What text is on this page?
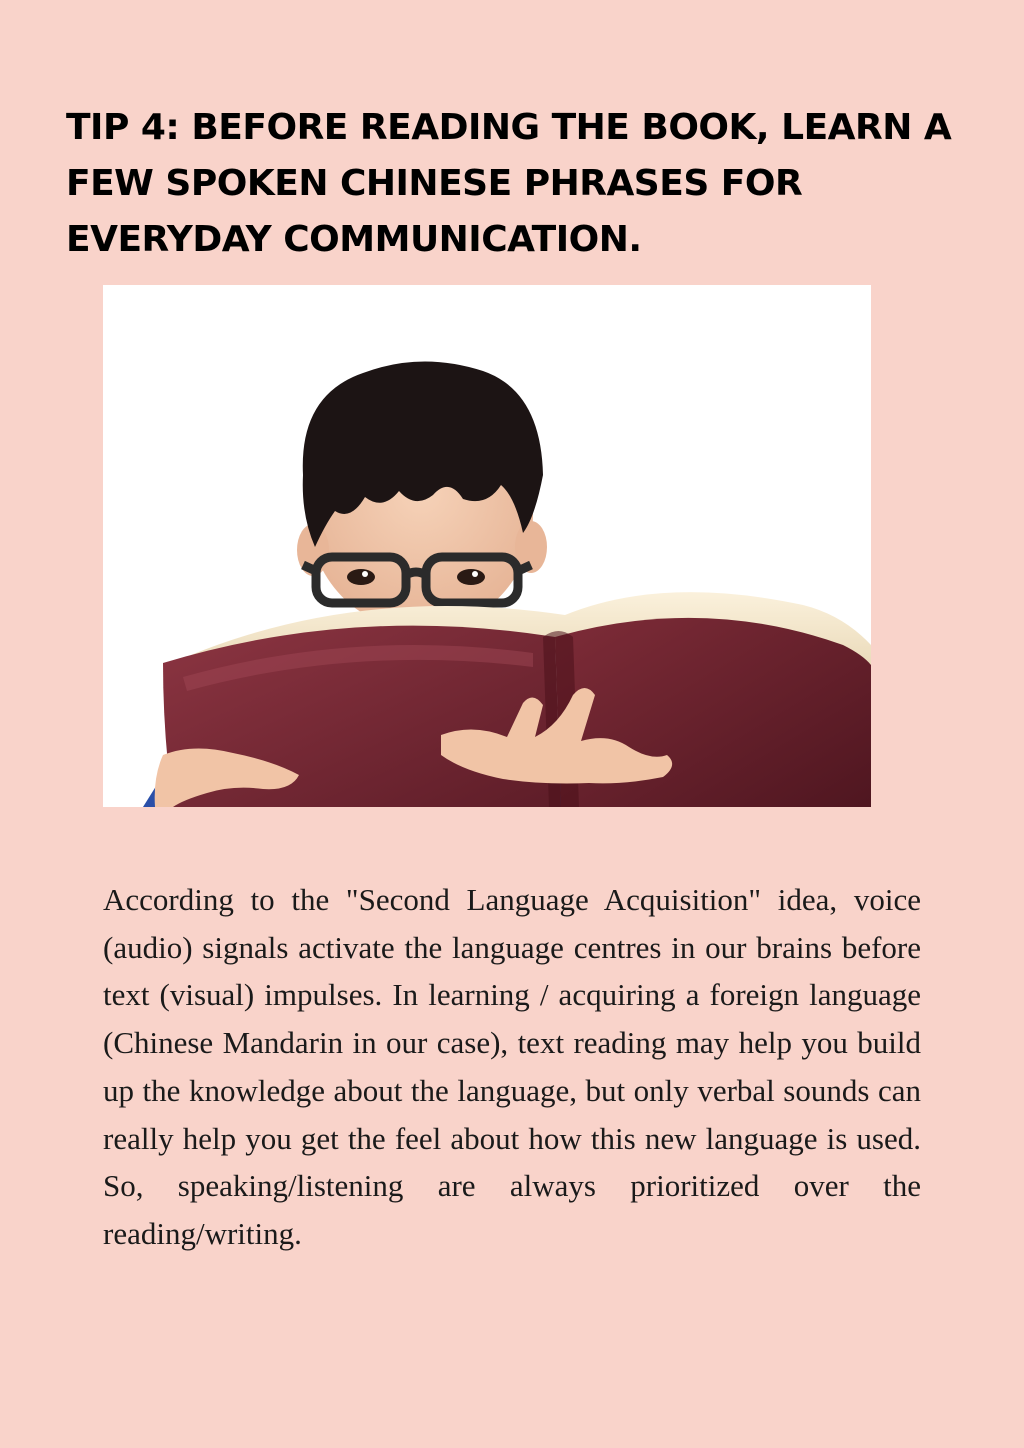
TIP 4: BEFORE READING THE BOOK, LEARN A FEW SPOKEN CHINESE PHRASES FOR EVERYDAY COMMUNICATION.

According to the "Second Language Acquisition" idea, voice (audio) signals activate the language centres in our brains before text (visual) impulses. In learning / acquiring a foreign language (Chinese Mandarin in our case), text reading may help you build up the knowledge about the language, but only verbal sounds can really help you get the feel about how this new language is used. So, speaking/listening are always prioritized over the reading/writing.
